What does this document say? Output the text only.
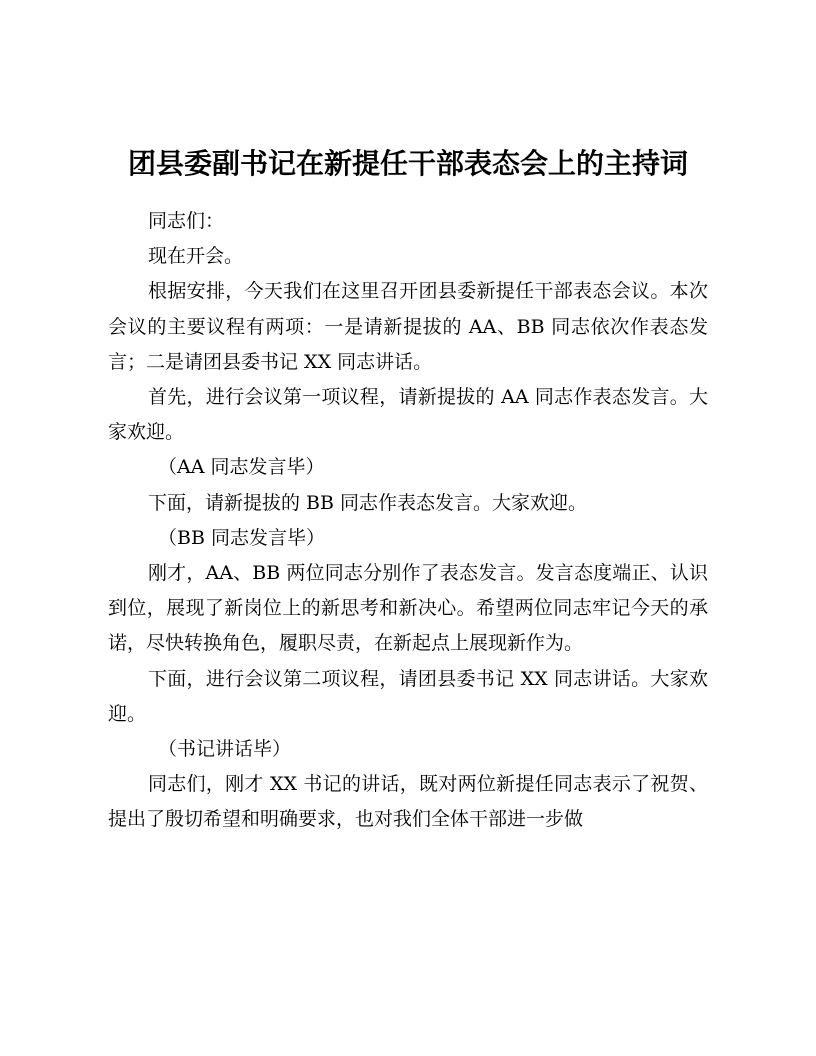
团县委副书记在新提任干部表态会上的主持词

同志们：

现在开会。

根据安排，今天我们在这里召开团县委新提任干部表态会议。本次会议的主要议程有两项：一是请新提拔的 AA、BB 同志依次作表态发言；二是请团县委书记 XX 同志讲话。

首先，进行会议第一项议程，请新提拔的 AA 同志作表态发言。大家欢迎。

（AA 同志发言毕）

下面，请新提拔的 BB 同志作表态发言。大家欢迎。

（BB 同志发言毕）

刚才，AA、BB 两位同志分别作了表态发言。发言态度端正、认识到位，展现了新岗位上的新思考和新决心。希望两位同志牢记今天的承诺，尽快转换角色，履职尽责，在新起点上展现新作为。

下面，进行会议第二项议程，请团县委书记 XX 同志讲话。大家欢迎。

（书记讲话毕）

同志们，刚才 XX 书记的讲话，既对两位新提任同志表示了祝贺、提出了殷切希望和明确要求，也对我们全体干部进一步做
